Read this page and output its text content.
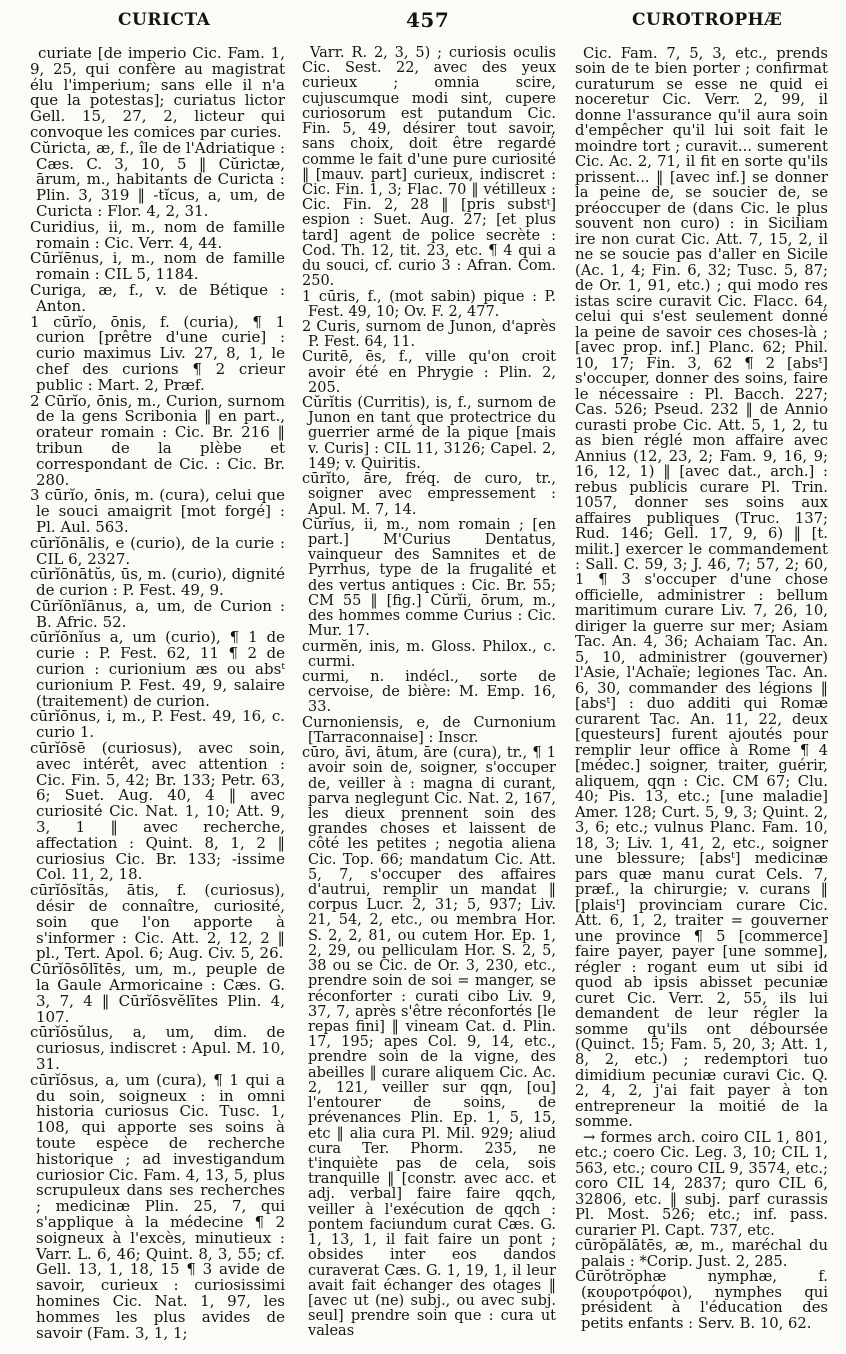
CURICTA	457	CUROTROPHÆ

curiate [de imperio Cic. Fam. 1, 9, 25, qui confère au magistrat élu l'imperium; sans elle il n'a que la potestas]; curiatus lictor Gell. 15, 27, 2, licteur qui convoque les comices par curies.

Cŭricta, æ, f., île de l'Adriatique : Cæs. C. 3, 10, 5 ‖ Cŭrictæ, ārum, m., habitants de Curicta : Plin. 3, 319 ‖ -tĭcus, a, um, de Curicta : Flor. 4, 2, 31.

Curidius, ii, m., nom de famille romain : Cic. Verr. 4, 44.

Cūrĭēnus, i, m., nom de famille romain : CIL 5, 1184.

Curiga, æ, f., v. de Bétique : Anton.

1 cūrĭo, ōnis, f. (curia), ¶ 1 curion [prêtre d'une curie] : curio maximus Liv. 27, 8, 1, le chef des curions ¶ 2 crieur public : Mart. 2, Præf.

2 Cūrĭo, ōnis, m., Curion, surnom de la gens Scribonia ‖ en part., orateur romain : Cic. Br. 216 ‖ tribun de la plèbe et correspondant de Cic. : Cic. Br. 280.

3 cūrĭo, ōnis, m. (cura), celui que le souci amaigrit [mot forgé] : Pl. Aul. 563.

cūrĭōnālis, e (curio), de la curie : CIL 6, 2327.

cūrĭōnātŭs, ūs, m. (curio), dignité de curion : P. Fest. 49, 9.

Cūrĭōnĭānus, a, um, de Curion : B. Afric. 52.

cūrĭōnĭus a, um (curio), ¶ 1 de curie : P. Fest. 62, 11 ¶ 2 de curion : curionium æs ou absᵗ curionium P. Fest. 49, 9, salaire (traitement) de curion.

cūrĭōnus, i, m., P. Fest. 49, 16, c. curio 1.

cūrĭōsē (curiosus), avec soin, avec intérêt, avec attention : Cic. Fin. 5, 42; Br. 133; Petr. 63, 6; Suet. Aug. 40, 4 ‖ avec curiosité Cic. Nat. 1, 10; Att. 9, 3, 1 ‖ avec recherche, affectation : Quint. 8, 1, 2 ‖ curiosius Cic. Br. 133; -issime Col. 11, 2, 18.

cūrĭōsĭtās, ātis, f. (curiosus), désir de connaître, curiosité, soin que l'on apporte à s'informer : Cic. Att. 2, 12, 2 ‖ pl., Tert. Apol. 6; Aug. Civ. 5, 26.

Cūrĭōsōlītēs, um, m., peuple de la Gaule Armoricaine : Cæs. G. 3, 7, 4 ‖ Cūrĭōsvĕlītes Plin. 4, 107.

cūrĭōsŭlus, a, um, dim. de curiosus, indiscret : Apul. M. 10, 31.

cūrĭōsus, a, um (cura), ¶ 1 qui a du soin, soigneux : in omni historia curiosus Cic. Tusc. 1, 108, qui apporte ses soins à toute espèce de recherche historique ; ad investigandum curiosior Cic. Fam. 4, 13, 5, plus scrupuleux dans ses recherches ; medicinæ Plin. 25, 7, qui s'applique à la médecine ¶ 2 soigneux à l'excès, minutieux : Varr. L. 6, 46; Quint. 8, 3, 55; cf. Gell. 13, 1, 18, 15 ¶ 3 avide de savoir, curieux : curiosissimi homines Cic. Nat. 1, 97, les hommes les plus avides de savoir (Fam. 3, 1, 1;

Varr. R. 2, 3, 5) ; curiosis oculis Cic. Sest. 22, avec des yeux curieux ; omnia scire, cujuscumque modi sint, cupere curiosorum est putandum Cic. Fin. 5, 49, désirer tout savoir, sans choix, doit être regardé comme le fait d'une pure curiosité ‖ [mauv. part] curieux, indiscret : Cic. Fin. 1, 3; Flac. 70 ‖ vétilleux : Cic. Fin. 2, 28 ‖ [pris substᵗ] espion : Suet. Aug. 27; [et plus tard] agent de police secrète : Cod. Th. 12, tit. 23, etc. ¶ 4 qui a du souci, cf. curio 3 : Afran. Com. 250.

1 cūris, f., (mot sabin) pique : P. Fest. 49, 10; Ov. F. 2, 477.

2 Curis, surnom de Junon, d'après P. Fest. 64, 11.

Curitē, ēs, f., ville qu'on croit avoir été en Phrygie : Plin. 2, 205.

Cŭrĭtis (Curritis), is, f., surnom de Junon en tant que protectrice du guerrier armé de la pique [mais v. Curis] : CIL 11, 3126; Capel. 2, 149; v. Quiritis.

cūrĭto, āre, fréq. de curo, tr., soigner avec empressement : Apul. M. 7, 14.

Cŭrĭus, ii, m., nom romain ; [en part.] M'Curius Dentatus, vainqueur des Samnites et de Pyrrhus, type de la frugalité et des vertus antiques : Cic. Br. 55; CM 55 ‖ [fig.] Cŭrĭi, ōrum, m., des hommes comme Curius : Cic. Mur. 17.

curmĕn, inis, m. Gloss. Philox., c. curmi.

curmi, n. indécl., sorte de cervoise, de bière: M. Emp. 16, 33.

Curnoniensis, e, de Curnonium [Tarraconnaise] : Inscr.

cūro, āvi, ātum, āre (cura), tr., ¶ 1 avoir soin de, soigner, s'occuper de, veiller à : magna di curant, parva neglegunt Cic. Nat. 2, 167, les dieux prennent soin des grandes choses et laissent de côté les petites ; negotia aliena Cic. Top. 66; mandatum Cic. Att. 5, 7, s'occuper des affaires d'autrui, remplir un mandat ‖ corpus Lucr. 2, 31; 5, 937; Liv. 21, 54, 2, etc., ou membra Hor. S. 2, 2, 81, ou cutem Hor. Ep. 1, 2, 29, ou pelliculam Hor. S. 2, 5, 38 ou se Cic. de Or. 3, 230, etc., prendre soin de soi = manger, se réconforter : curati cibo Liv. 9, 37, 7, après s'être réconfortés [le repas fini] ‖ vineam Cat. d. Plin. 17, 195; apes Col. 9, 14, etc., prendre soin de la vigne, des abeilles ‖ curare aliquem Cic. Ac. 2, 121, veiller sur qqn, [ou] l'entourer de soins, de prévenances Plin. Ep. 1, 5, 15, etc ‖ alia cura Pl. Mil. 929; aliud cura Ter. Phorm. 235, ne t'inquiète pas de cela, sois tranquille ‖ [constr. avec acc. et adj. verbal] faire faire qqch, veiller à l'exécution de qqch : pontem faciundum curat Cæs. G. 1, 13, 1, il fait faire un pont ; obsides inter eos dandos curaverat Cæs. G. 1, 19, 1, il leur avait fait échanger des otages ‖ [avec ut (ne) subj., ou avec subj. seul] prendre soin que : cura ut valeas

Cic. Fam. 7, 5, 3, etc., prends soin de te bien porter ; confirmat curaturum se esse ne quid ei noceretur Cic. Verr. 2, 99, il donne l'assurance qu'il aura soin d'empêcher qu'il lui soit fait le moindre tort ; curavit... sumerent Cic. Ac. 2, 71, il fit en sorte qu'ils prissent... ‖ [avec inf.] se donner la peine de, se soucier de, se préoccuper de (dans Cic. le plus souvent non curo) : in Siciliam ire non curat Cic. Att. 7, 15, 2, il ne se soucie pas d'aller en Sicile (Ac. 1, 4; Fin. 6, 32; Tusc. 5, 87; de Or. 1, 91, etc.) ; qui modo res istas scire curavit Cic. Flacc. 64, celui qui s'est seulement donné la peine de savoir ces choses-là ; [avec prop. inf.] Planc. 62; Phil. 10, 17; Fin. 3, 62 ¶ 2 [absᵗ] s'occuper, donner des soins, faire le nécessaire : Pl. Bacch. 227; Cas. 526; Pseud. 232 ‖ de Annio curasti probe Cic. Att. 5, 1, 2, tu as bien réglé mon affaire avec Annius (12, 23, 2; Fam. 9, 16, 9; 16, 12, 1) ‖ [avec dat., arch.] : rebus publicis curare Pl. Trin. 1057, donner ses soins aux affaires publiques (Truc. 137; Rud. 146; Gell. 17, 9, 6) ‖ [t. milit.] exercer le commandement : Sall. C. 59, 3; J. 46, 7; 57, 2; 60, 1 ¶ 3 s'occuper d'une chose officielle, administrer : bellum maritimum curare Liv. 7, 26, 10, diriger la guerre sur mer; Asiam Tac. An. 4, 36; Achaiam Tac. An. 5, 10, administrer (gouverner) l'Asie, l'Achaïe; legiones Tac. An. 6, 30, commander des légions ‖ [absᵗ] : duo additi qui Romæ curarent Tac. An. 11, 22, deux [questeurs] furent ajoutés pour remplir leur office à Rome ¶ 4 [médec.] soigner, traiter, guérir, aliquem, qqn : Cic. CM 67; Clu. 40; Pis. 13, etc.; [une maladie] Amer. 128; Curt. 5, 9, 3; Quint. 2, 3, 6; etc.; vulnus Planc. Fam. 10, 18, 3; Liv. 1, 41, 2, etc., soigner une blessure; [absᵗ] medicinæ pars quæ manu curat Cels. 7, præf., la chirurgie; v. curans ‖ [plaisᵗ] provinciam curare Cic. Att. 6, 1, 2, traiter = gouverner une province ¶ 5 [commerce] faire payer, payer [une somme], régler : rogant eum ut sibi id quod ab ipsis abisset pecuniæ curet Cic. Verr. 2, 55, ils lui demandent de leur régler la somme qu'ils ont déboursée (Quinct. 15; Fam. 5, 20, 3; Att. 1, 8, 2, etc.) ; redemptori tuo dimidium pecuniæ curavi Cic. Q. 2, 4, 2, j'ai fait payer à ton entrepreneur la moitié de la somme.

→ formes arch. coiro CIL 1, 801, etc.; coero Cic. Leg. 3, 10; CIL 1, 563, etc.; couro CIL 9, 3574, etc.; coro CIL 14, 2837; quro CIL 6, 32806, etc. ‖ subj. parf curassis Pl. Most. 526; etc.; inf. pass. curarier Pl. Capt. 737, etc.

cūrŏpălātēs, æ, m., maréchal du palais : *Corip. Just. 2, 285.

Cūrŏtrŏphæ nymphæ, f. (κουροτρόφοι), nymphes qui président à l'éducation des petits enfants : Serv. B. 10, 62.
